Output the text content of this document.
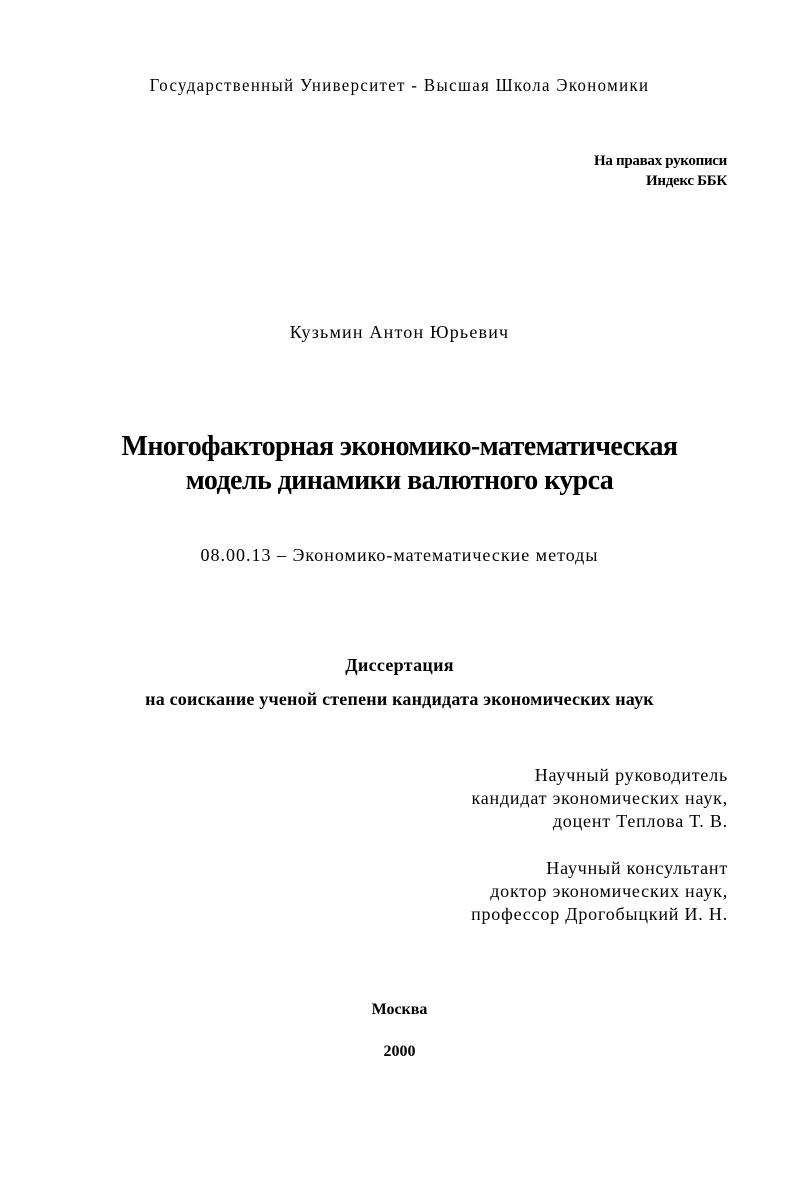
Государственный Университет - Высшая Школа Экономики
На правах рукописи
Индекс ББК
Кузьмин Антон Юрьевич
Многофакторная экономико-математическая
модель динамики валютного курса
08.00.13 – Экономико-математические методы
Диссертация
на соискание ученой степени кандидата экономических наук
Научный руководитель
кандидат экономических наук,
доцент Теплова Т. В.
Научный консультант
доктор экономических наук,
профессор Дрогобыцкий И. Н.
Москва
2000
